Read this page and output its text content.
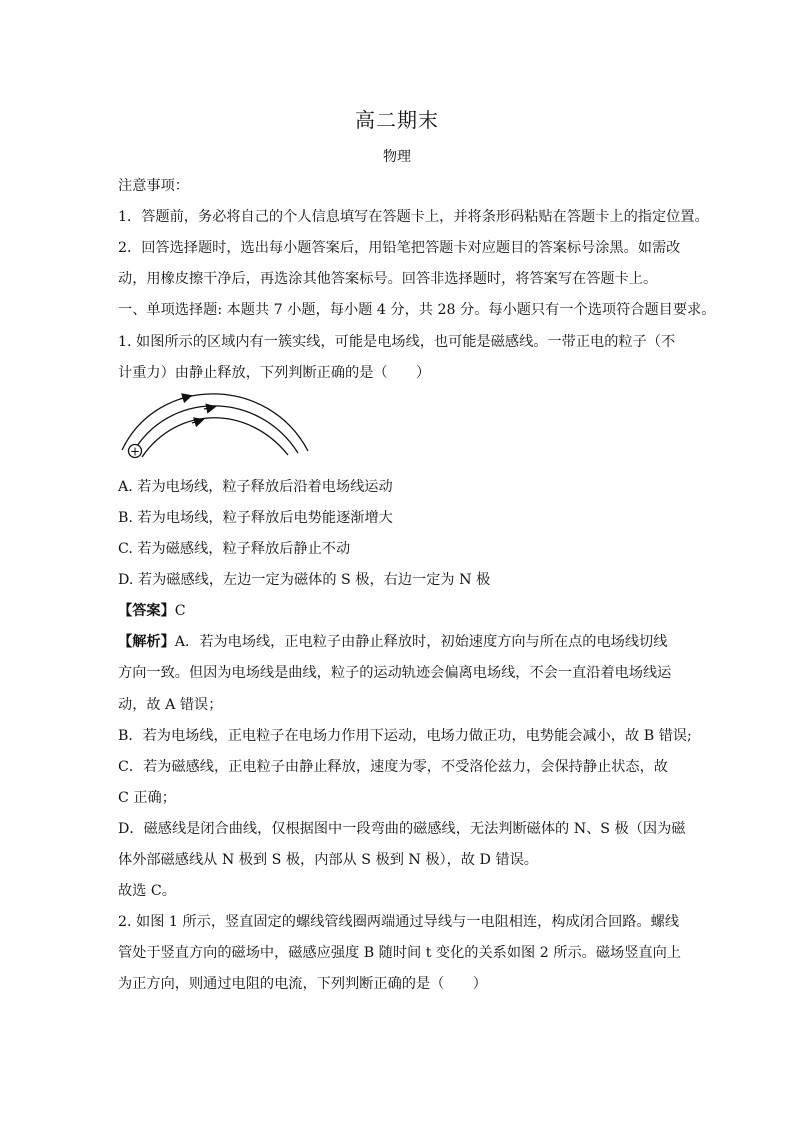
高二期末
物理
注意事项：
1．答题前，务必将自己的个人信息填写在答题卡上，并将条形码粘贴在答题卡上的指定位置。
2．回答选择题时，选出每小题答案后，用铅笔把答题卡对应题目的答案标号涂黑。如需改
动，用橡皮擦干净后，再选涂其他答案标号。回答非选择题时，将答案写在答题卡上。
一、单项选择题: 本题共 7 小题，每小题 4 分，共 28 分。每小题只有一个选项符合题目要求。
1. 如图所示的区域内有一簇实线，可能是电场线，也可能是磁感线。一带正电的粒子（不
计重力）由静止释放，下列判断正确的是（　　）
+
A. 若为电场线，粒子释放后沿着电场线运动
B. 若为电场线，粒子释放后电势能逐渐增大
C. 若为磁感线，粒子释放后静止不动
D. 若为磁感线，左边一定为磁体的 S 极，右边一定为 N 极
【答案】C
【解析】A．若为电场线，正电粒子由静止释放时，初始速度方向与所在点的电场线切线
方向一致。但因为电场线是曲线，粒子的运动轨迹会偏离电场线，不会一直沿着电场线运
动，故 A 错误；
B．若为电场线，正电粒子在电场力作用下运动，电场力做正功，电势能会减小，故 B 错误;
C．若为磁感线，正电粒子由静止释放，速度为零，不受洛伦兹力，会保持静止状态，故
C 正确；
D．磁感线是闭合曲线，仅根据图中一段弯曲的磁感线，无法判断磁体的 N、S 极（因为磁
体外部磁感线从 N 极到 S 极，内部从 S 极到 N 极），故 D 错误。
故选 C。
2. 如图 1 所示，竖直固定的螺线管线圈两端通过导线与一电阻相连，构成闭合回路。螺线
管处于竖直方向的磁场中，磁感应强度 B 随时间 t 变化的关系如图 2 所示。磁场竖直向上
为正方向，则通过电阻的电流，下列判断正确的是（　　）
